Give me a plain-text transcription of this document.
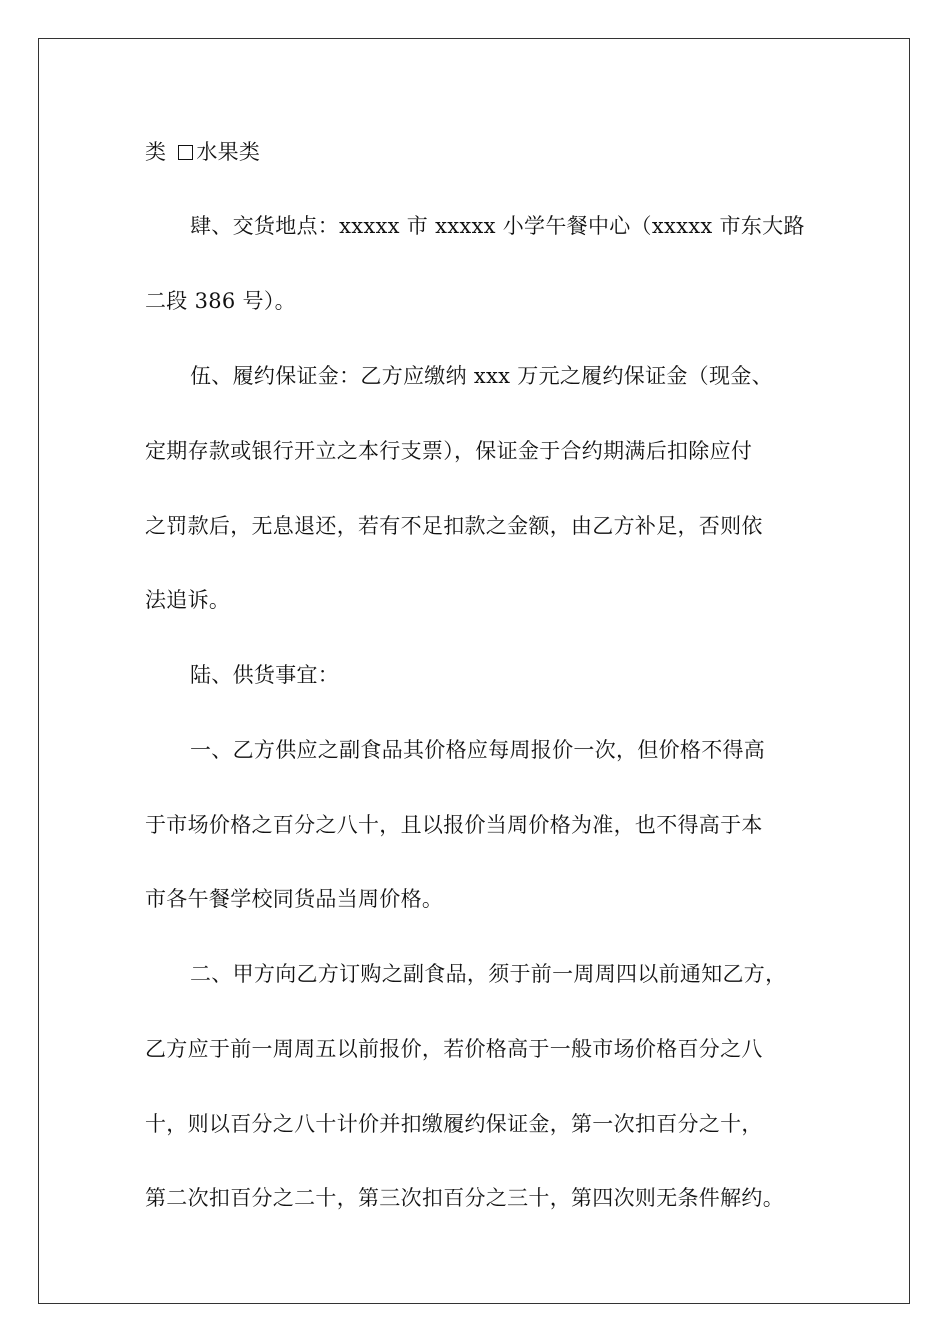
类 水果类
肆、交货地点：xxxxx 市 xxxxx 小学午餐中心（xxxxx 市东大路
二段 386 号）。
伍、履约保证金：乙方应缴纳 xxx 万元之履约保证金（现金、
定期存款或银行开立之本行支票），保证金于合约期满后扣除应付
之罚款后，无息退还，若有不足扣款之金额，由乙方补足，否则依
法追诉。
陆、供货事宜：
一、乙方供应之副食品其价格应每周报价一次，但价格不得高
于市场价格之百分之八十，且以报价当周价格为准，也不得高于本
市各午餐学校同货品当周价格。
二、甲方向乙方订购之副食品，须于前一周周四以前通知乙方，
乙方应于前一周周五以前报价，若价格高于一般市场价格百分之八
十，则以百分之八十计价并扣缴履约保证金，第一次扣百分之十，
第二次扣百分之二十，第三次扣百分之三十，第四次则无条件解约。
